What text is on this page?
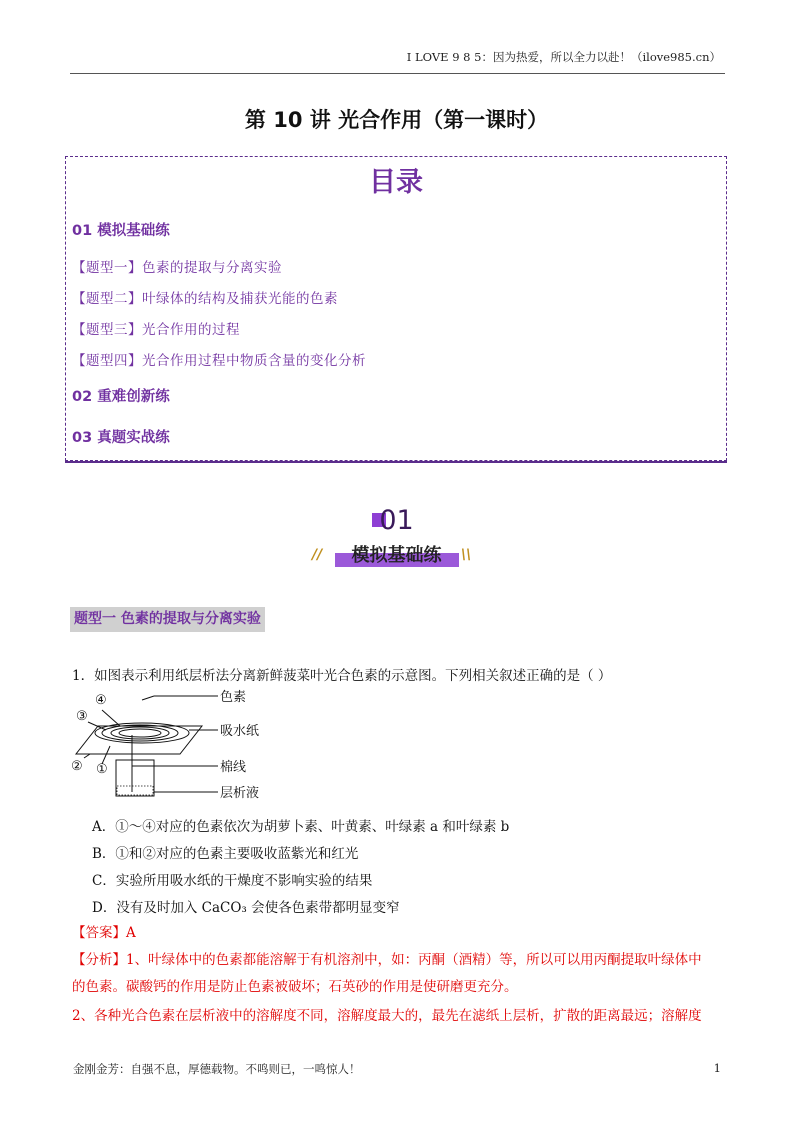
I LOVE 9 8 5：因为热爱，所以全力以赴！（ilove985.cn）
第 10 讲 光合作用（第一课时）
目录
01 模拟基础练
【题型一】色素的提取与分离实验
【题型二】叶绿体的结构及捕获光能的色素
【题型三】光合作用的过程
【题型四】光合作用过程中物质含量的变化分析
02 重难创新练
03 真题实战练
01
//	模拟基础练	\\
题型一 色素的提取与分离实验
1．如图表示利用纸层析法分离新鲜菠菜叶光合色素的示意图。下列相关叙述正确的是（ ）
色素
吸水纸
棉线
层析液
④
③
② ①
A．①～④对应的色素依次为胡萝卜素、叶黄素、叶绿素 a 和叶绿素 b
B．①和②对应的色素主要吸收蓝紫光和红光
C．实验所用吸水纸的干燥度不影响实验的结果
D．没有及时加入 CaCO₃ 会使各色素带都明显变窄
【答案】A
【分析】1、叶绿体中的色素都能溶解于有机溶剂中，如：丙酮（酒精）等，所以可以用丙酮提取叶绿体中
的色素。碳酸钙的作用是防止色素被破坏；石英砂的作用是使研磨更充分。
2、各种光合色素在层析液中的溶解度不同，溶解度最大的，最先在滤纸上层析，扩散的距离最远；溶解度
金刚金芳：自强不息，厚德载物。不鸣则已，一鸣惊人！	1
